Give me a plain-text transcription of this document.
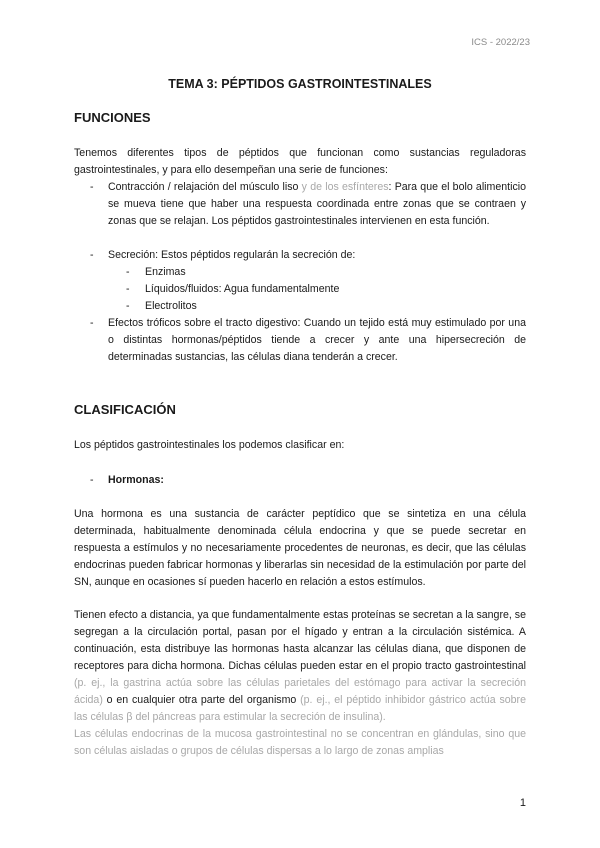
ICS - 2022/23
TEMA 3: PÉPTIDOS GASTROINTESTINALES
FUNCIONES
Tenemos diferentes tipos de péptidos que funcionan como sustancias reguladoras gastrointestinales, y para ello desempeñan una serie de funciones:
- Contracción / relajación del músculo liso y de los esfínteres: Para que el bolo alimenticio se mueva tiene que haber una respuesta coordinada entre zonas que se contraen y zonas que se relajan. Los péptidos gastrointestinales intervienen en esta función.
- Secreción: Estos péptidos regularán la secreción de:
- Enzimas
- Líquidos/fluidos: Agua fundamentalmente
- Electrolitos
- Efectos tróficos sobre el tracto digestivo: Cuando un tejido está muy estimulado por una o distintas hormonas/péptidos tiende a crecer y ante una hipersecreción de determinadas sustancias, las células diana tenderán a crecer.
CLASIFICACIÓN
Los péptidos gastrointestinales los podemos clasificar en:
- Hormonas:
Una hormona es una sustancia de carácter peptídico que se sintetiza en una célula determinada, habitualmente denominada célula endocrina y que se puede secretar en respuesta a estímulos y no necesariamente procedentes de neuronas, es decir, que las células endocrinas pueden fabricar hormonas y liberarlas sin necesidad de la estimulación por parte del SN, aunque en ocasiones sí pueden hacerlo en relación a estos estímulos.
Tienen efecto a distancia, ya que fundamentalmente estas proteínas se secretan a la sangre, se segregan a la circulación portal, pasan por el hígado y entran a la circulación sistémica. A continuación, esta distribuye las hormonas hasta alcanzar las células diana, que disponen de receptores para dicha hormona. Dichas células pueden estar en el propio tracto gastrointestinal (p. ej., la gastrina actúa sobre las células parietales del estómago para activar la secreción ácida) o en cualquier otra parte del organismo (p. ej., el péptido inhibidor gástrico actúa sobre las células β del páncreas para estimular la secreción de insulina).
Las células endocrinas de la mucosa gastrointestinal no se concentran en glándulas, sino que son células aisladas o grupos de células dispersas a lo largo de zonas amplias
1
